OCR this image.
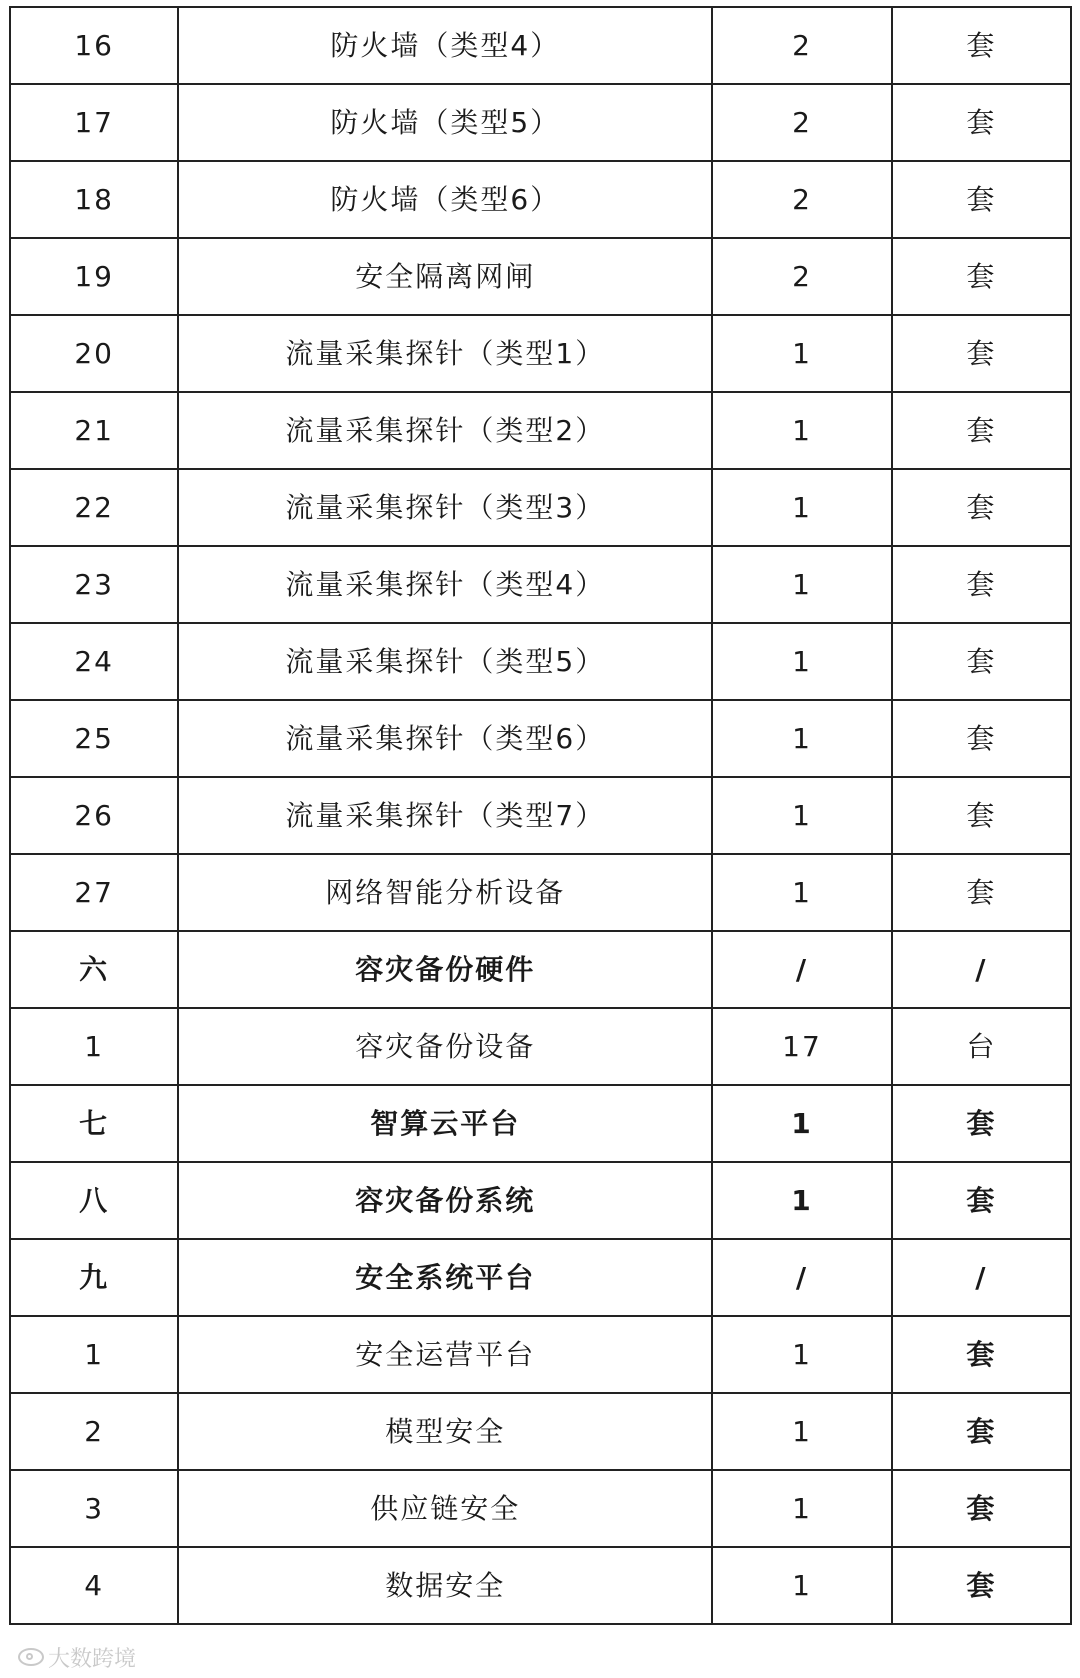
16	防火墙（类型4）	2	套
17	防火墙（类型5）	2	套
18	防火墙（类型6）	2	套
19	安全隔离网闸	2	套
20	流量采集探针（类型1）	1	套
21	流量采集探针（类型2）	1	套
22	流量采集探针（类型3）	1	套
23	流量采集探针（类型4）	1	套
24	流量采集探针（类型5）	1	套
25	流量采集探针（类型6）	1	套
26	流量采集探针（类型7）	1	套
27	网络智能分析设备	1	套
六	容灾备份硬件	/	/
1	容灾备份设备	17	台
七	智算云平台	1	套
八	容灾备份系统	1	套
九	安全系统平台	/	/
1	安全运营平台	1	套
2	模型安全	1	套
3	供应链安全	1	套
4	数据安全	1	套
大数跨境
